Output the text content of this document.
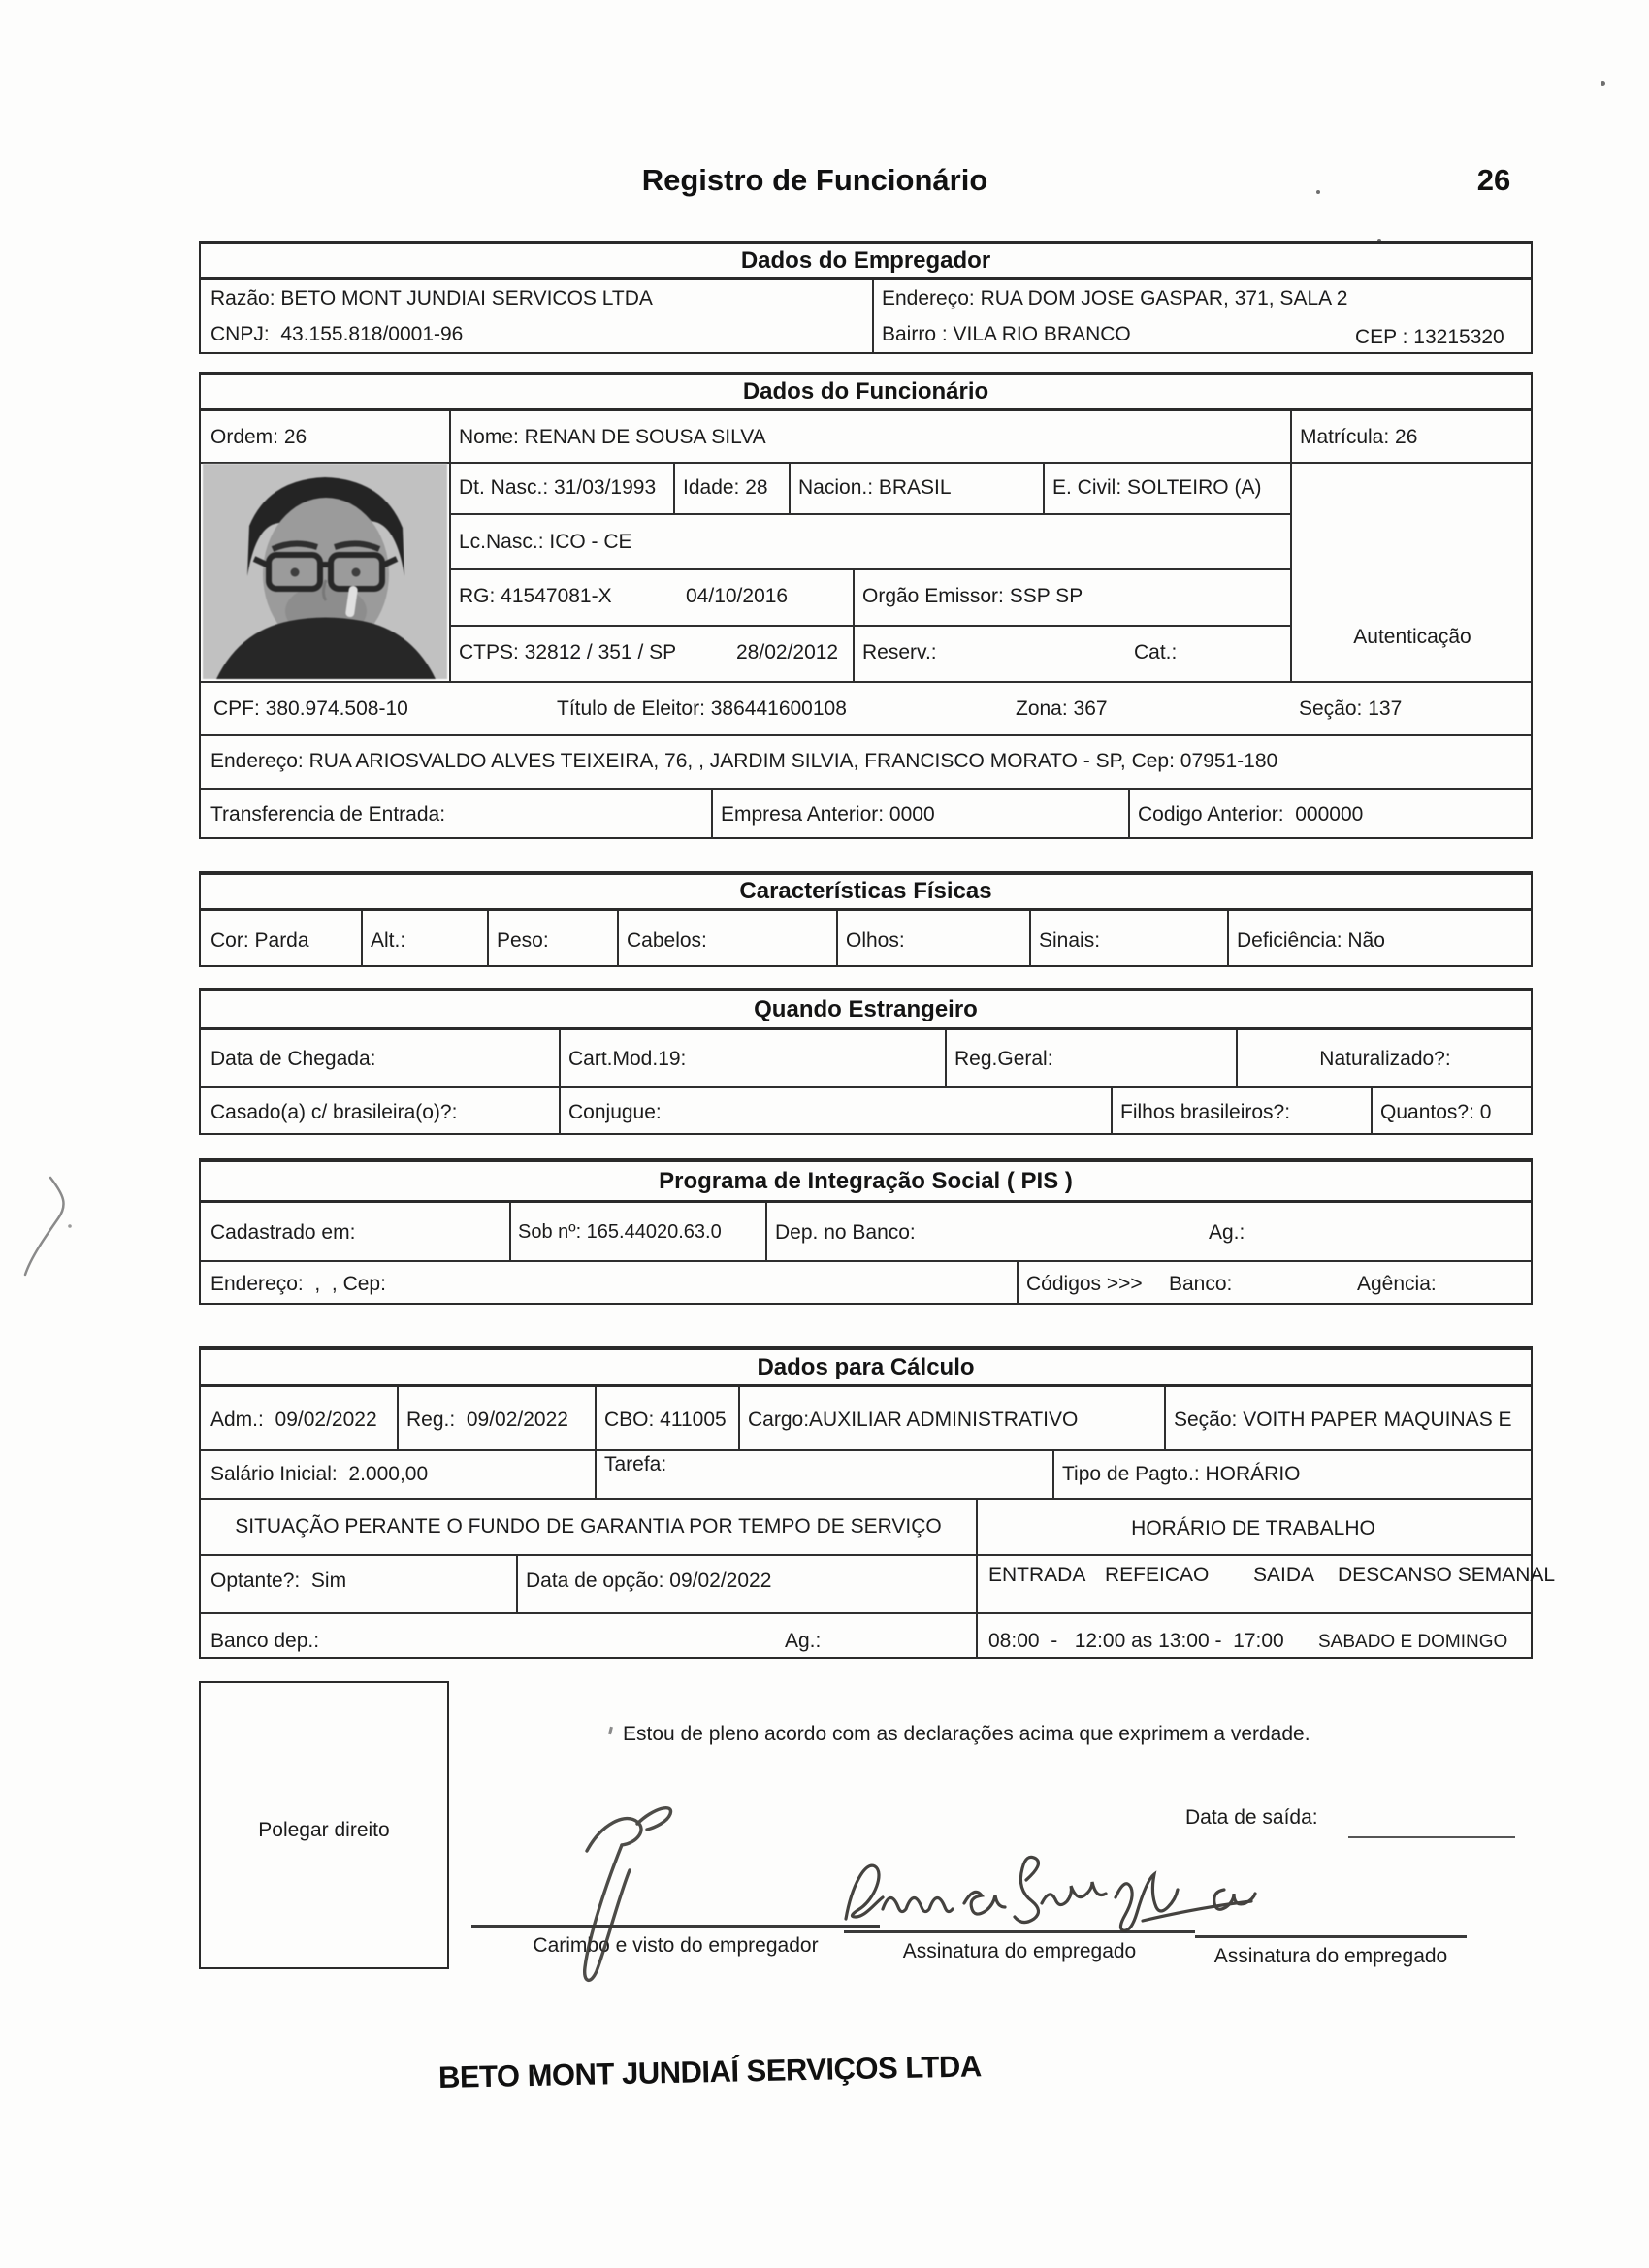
Registro de Funcionário	26
Dados do Empregador
Razão: BETO MONT JUNDIAI SERVICOS LTDA
CNPJ:  43.155.818/0001-96
Endereço: RUA DOM JOSE GASPAR, 371, SALA 2
Bairro : VILA RIO BRANCO	CEP : 13215320
Dados do Funcionário
Ordem: 26	Nome: RENAN DE SOUSA SILVA	Matrícula: 26
Dt. Nasc.: 31/03/1993 Idade: 28 Nacion.: BRASIL	E. Civil: SOLTEIRO (A)
Lc.Nasc.: ICO - CE
RG: 41547081-X	04/10/2016	Orgão Emissor: SSP SP
CTPS: 32812 / 351 / SP	28/02/2012 Reserv.:	Cat.:
Autenticação
CPF: 380.974.508-10	Título de Eleitor: 386441600108	Zona: 367	Seção: 137
Endereço: RUA ARIOSVALDO ALVES TEIXEIRA, 76, , JARDIM SILVIA, FRANCISCO MORATO - SP, Cep: 07951-180
Transferencia de Entrada:	Empresa Anterior: 0000	Codigo Anterior:  000000
Características Físicas
Cor: Parda	Alt.:	Peso:	Cabelos:	Olhos:	Sinais:	Deficiência: Não
Quando Estrangeiro
Data de Chegada:	Cart.Mod.19:	Reg.Geral:	Naturalizado?:
Casado(a) c/ brasileira(o)?:	Conjugue:	Filhos brasileiros?:	Quantos?: 0
Programa de Integração Social ( PIS )
Cadastrado em:	Sob nº: 165.44020.63.0	Dep. no Banco:	Ag.:
Endereço:  ,  , Cep:	Códigos >>> Banco:	Agência:
Dados para Cálculo
Adm.:  09/02/2022 Reg.:  09/02/2022 CBO: 411005 Cargo:AUXILIAR ADMINISTRATIVO	Seção: VOITH PAPER MAQUINAS E
Salário Inicial:  2.000,00	Tarefa:	Tipo de Pagto.: HORÁRIO
SITUAÇÃO PERANTE O FUNDO DE GARANTIA POR TEMPO DE SERVIÇO	HORÁRIO DE TRABALHO
Optante?:  Sim	Data de opção: 09/02/2022	ENTRADA REFEICAO SAIDA DESCANSO SEMANAL
Banco dep.:	Ag.:	08:00  -   12:00 as 13:00 -  17:00 SABADO E DOMINGO
Polegar direito
Estou de pleno acordo com as declarações acima que exprimem a verdade.
Data de saída:
Carimbo e visto do empregador	Assinatura do empregado	Assinatura do empregado
BETO MONT JUNDIAÍ SERVIÇOS LTDA
